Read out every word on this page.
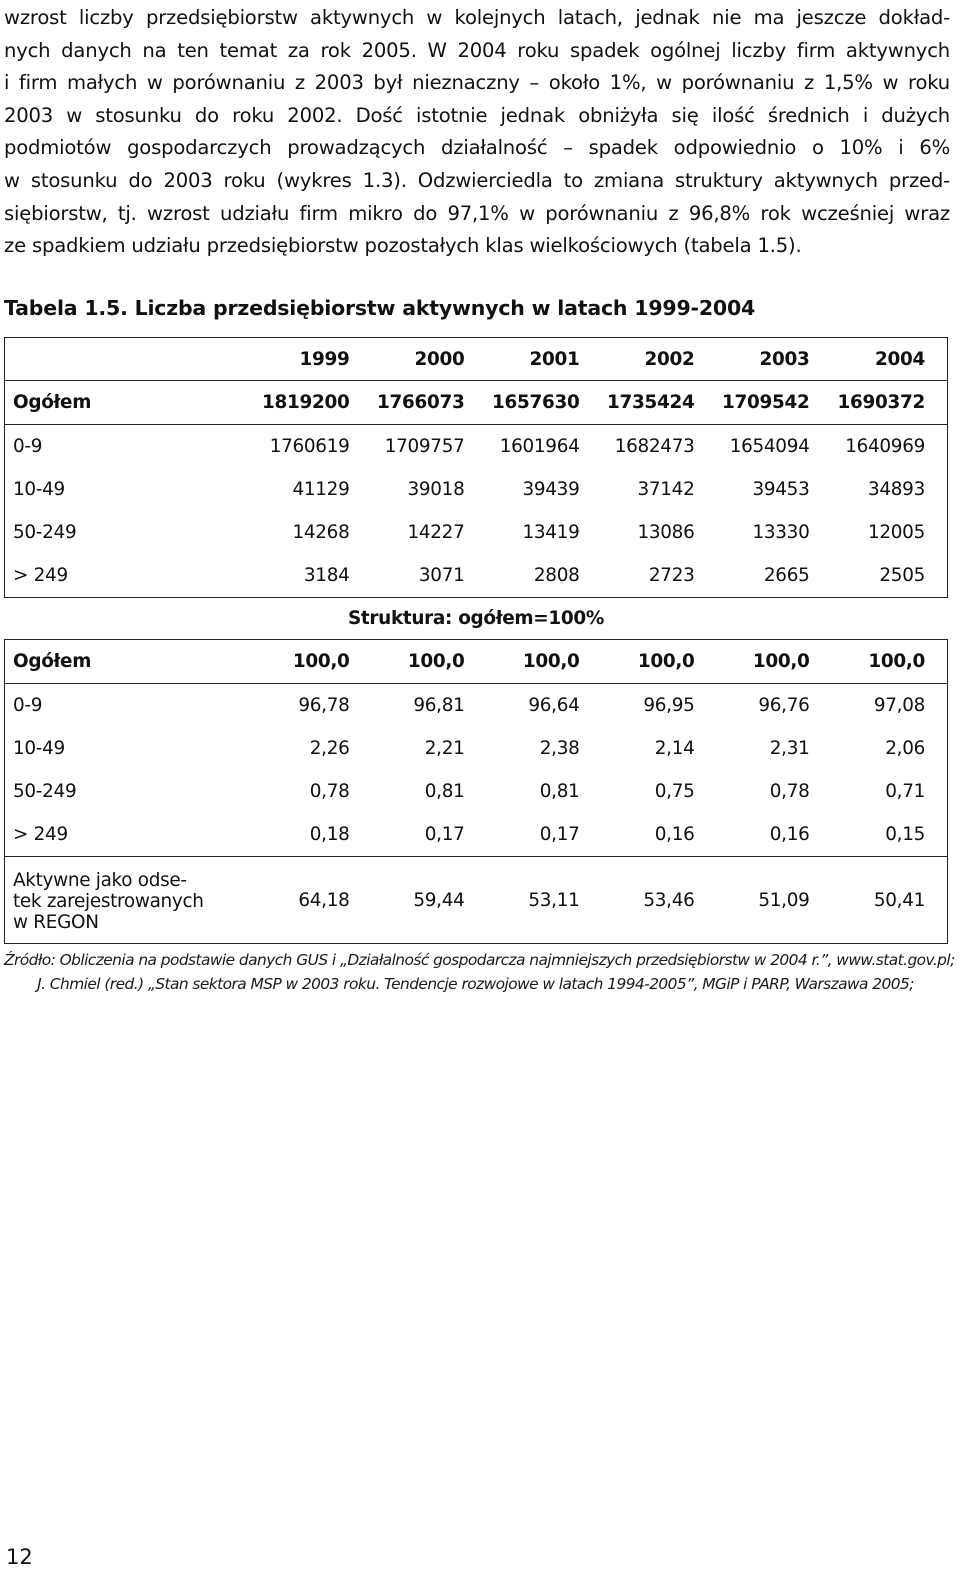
wzrost liczby przedsiębiorstw aktywnych w kolejnych latach, jednak nie ma jeszcze dokład-
nych danych na ten temat za rok 2005. W 2004 roku spadek ogólnej liczby firm aktywnych
i firm małych w porównaniu z 2003 był nieznaczny – około 1%, w porównaniu z 1,5% w roku
2003 w stosunku do roku 2002. Dość istotnie jednak obniżyła się ilość średnich i dużych
podmiotów gospodarczych prowadzących działalność – spadek odpowiednio o 10% i 6%
w stosunku do 2003 roku (wykres 1.3). Odzwierciedla to zmiana struktury aktywnych przed-
siębiorstw, tj. wzrost udziału firm mikro do 97,1% w porównaniu z 96,8% rok wcześniej wraz
ze spadkiem udziału przedsiębiorstw pozostałych klas wielkościowych (tabela 1.5).

Tabela 1.5. Liczba przedsiębiorstw aktywnych w latach 1999-2004

	1999	2000	2001	2002	2003	2004
Ogółem	1819200	1766073	1657630	1735424	1709542	1690372
0-9	1760619	1709757	1601964	1682473	1654094	1640969
10-49	41129	39018	39439	37142	39453	34893
50-249	14268	14227	13419	13086	13330	12005
> 249	3184	3071	2808	2723	2665	2505
Struktura: ogółem=100%						
Ogółem	100,0	100,0	100,0	100,0	100,0	100,0
0-9	96,78	96,81	96,64	96,95	96,76	97,08
10-49	2,26	2,21	2,38	2,14	2,31	2,06
50-249	0,78	0,81	0,81	0,75	0,78	0,71
> 249	0,18	0,17	0,17	0,16	0,16	0,15

Aktywne jako odse-
tek zarejestrowanych
w REGON	64,18	59,44	53,11	53,46	51,09	50,41

Źródło: Obliczenia na podstawie danych GUS i „Działalność gospodarcza najmniejszych przedsiębiorstw w 2004 r.”, www.stat.gov.pl;
J. Chmiel (red.) „Stan sektora MSP w 2003 roku. Tendencje rozwojowe w latach 1994-2005”, MGiP i PARP, Warszawa 2005;

12
